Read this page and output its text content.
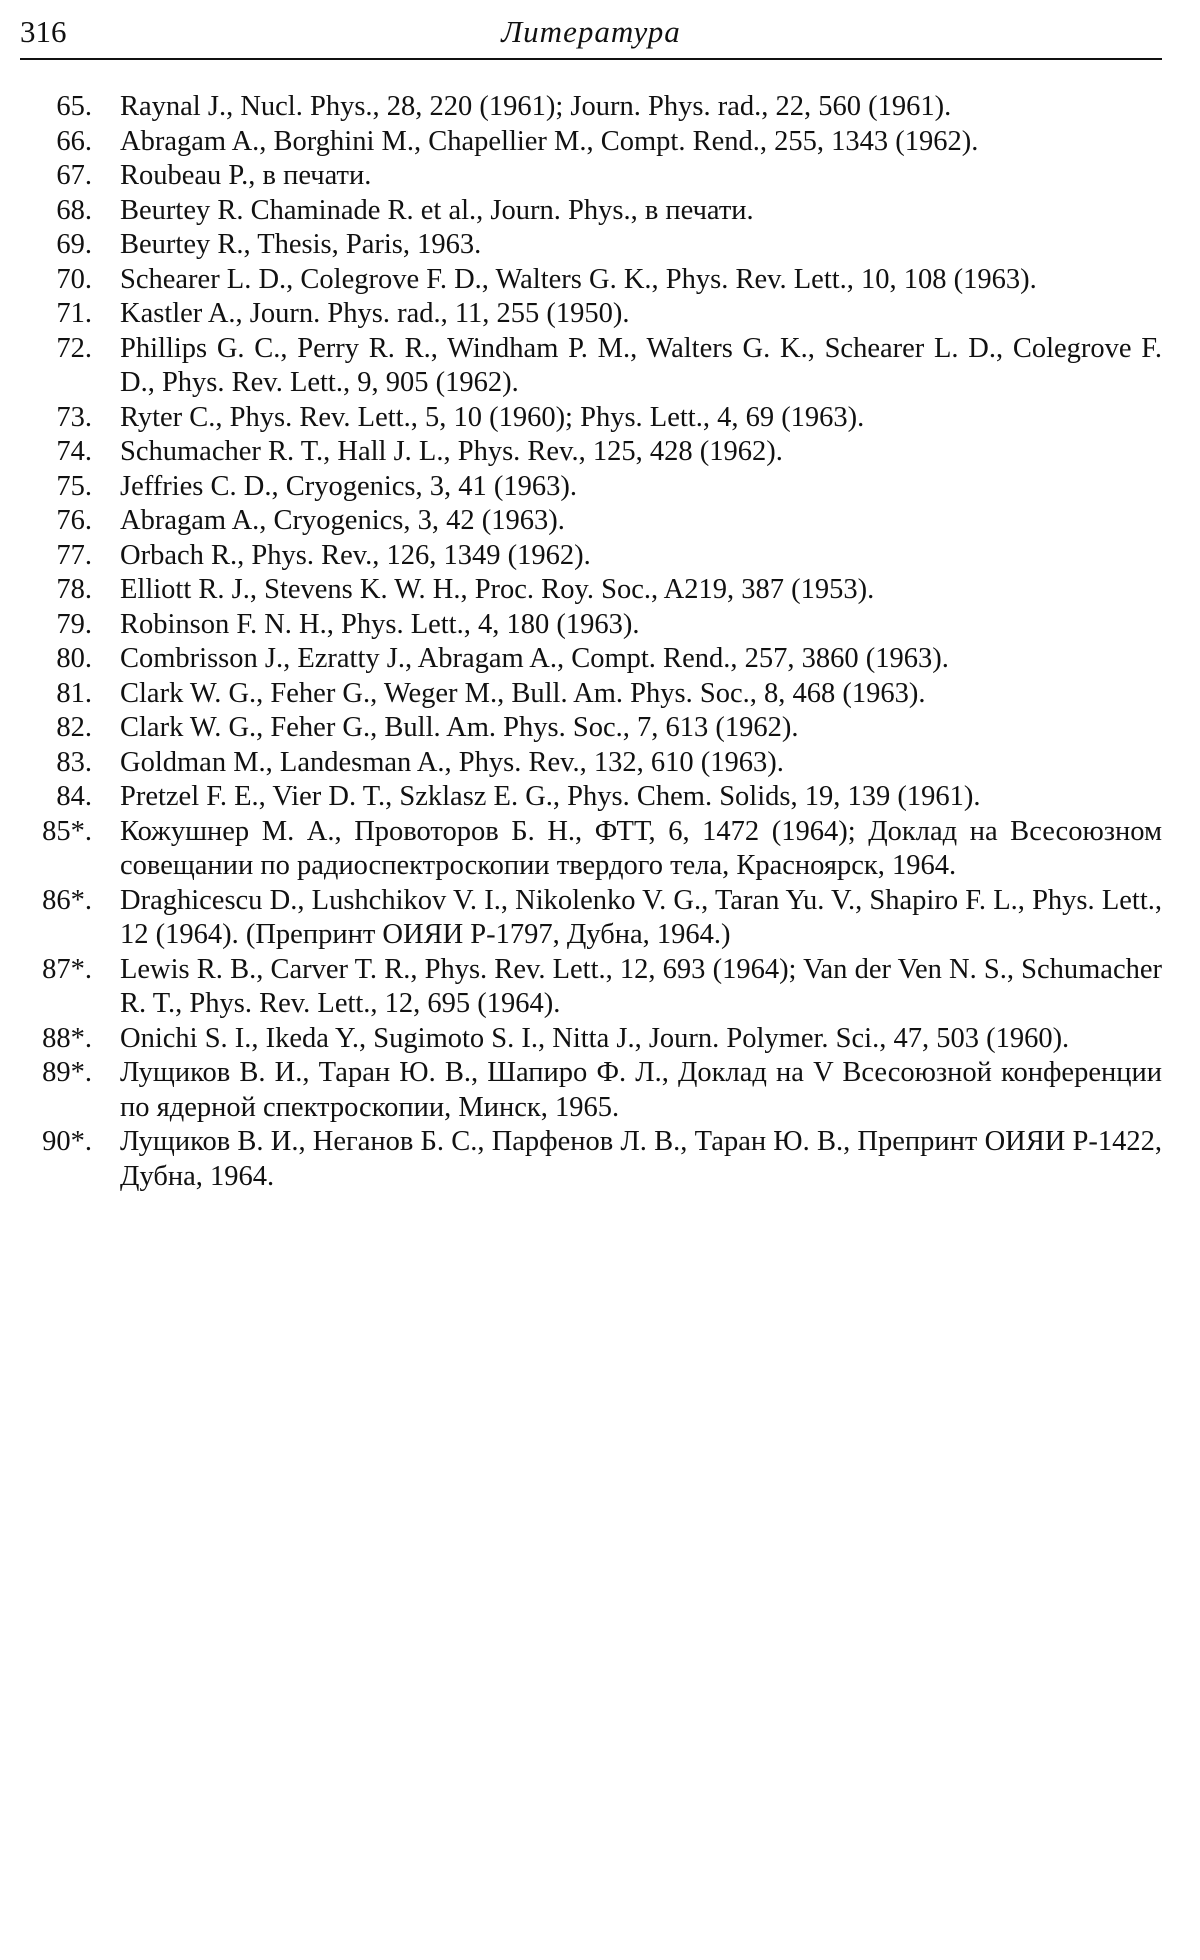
316	Литература
65. Raynal J., Nucl. Phys., 28, 220 (1961); Journ. Phys. rad., 22, 560 (1961).
66. Abragam A., Borghini M., Chapellier M., Compt. Rend., 255, 1343 (1962).
67. Roubeau P., в печати.
68. Beurtey R. Chaminade R. et al., Journ. Phys., в печати.
69. Beurtey R., Thesis, Paris, 1963.
70. Schearer L. D., Colegrove F. D., Walters G. K., Phys. Rev. Lett., 10, 108 (1963).
71. Kastler A., Journ. Phys. rad., 11, 255 (1950).
72. Phillips G. C., Perry R. R., Windham P. M., Walters G. K., Schearer L. D., Colegrove F. D., Phys. Rev. Lett., 9, 905 (1962).
73. Ryter C., Phys. Rev. Lett., 5, 10 (1960); Phys. Lett., 4, 69 (1963).
74. Schumacher R. T., Hall J. L., Phys. Rev., 125, 428 (1962).
75. Jeffries C. D., Cryogenics, 3, 41 (1963).
76. Abragam A., Cryogenics, 3, 42 (1963).
77. Orbach R., Phys. Rev., 126, 1349 (1962).
78. Elliott R. J., Stevens K. W. H., Proc. Roy. Soc., A219, 387 (1953).
79. Robinson F. N. H., Phys. Lett., 4, 180 (1963).
80. Combrisson J., Ezratty J., Abragam A., Compt. Rend., 257, 3860 (1963).
81. Clark W. G., Feher G., Weger M., Bull. Am. Phys. Soc., 8, 468 (1963).
82. Clark W. G., Feher G., Bull. Am. Phys. Soc., 7, 613 (1962).
83. Goldman M., Landesman A., Phys. Rev., 132, 610 (1963).
84. Pretzel F. E., Vier D. T., Szklasz E. G., Phys. Chem. Solids, 19, 139 (1961).
85*. Кожушнер М. А., Провоторов Б. Н., ФТТ, 6, 1472 (1964); Доклад на Всесоюзном совещании по радиоспектроскопии твердого тела, Красноярск, 1964.
86*. Draghicescu D., Lushchikov V. I., Nikolenko V. G., Taran Yu. V., Shapiro F. L., Phys. Lett., 12 (1964). (Препринт ОИЯИ Р-1797, Дубна, 1964.)
87*. Lewis R. B., Carver T. R., Phys. Rev. Lett., 12, 693 (1964); Van der Ven N. S., Schumacher R. T., Phys. Rev. Lett., 12, 695 (1964).
88*. Onichi S. I., Ikeda Y., Sugimoto S. I., Nitta J., Journ. Polymer. Sci., 47, 503 (1960).
89*. Лущиков В. И., Таран Ю. В., Шапиро Ф. Л., Доклад на V Всесоюзной конференции по ядерной спектроскопии, Минск, 1965.
90*. Лущиков В. И., Неганов Б. С., Парфенов Л. В., Таран Ю. В., Препринт ОИЯИ Р-1422, Дубна, 1964.
